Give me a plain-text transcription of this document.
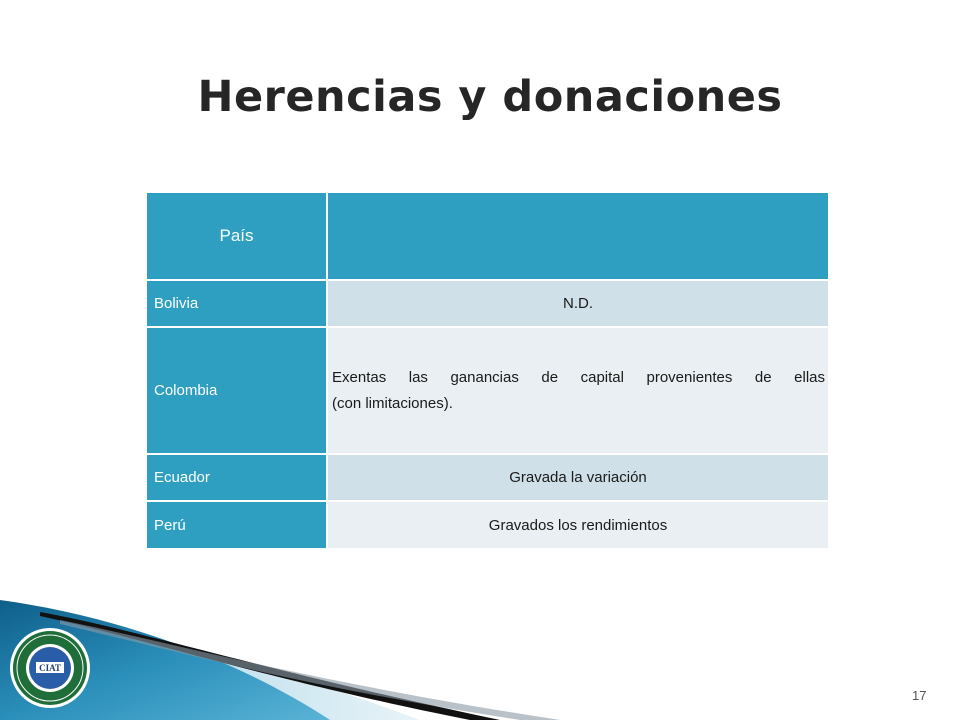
Herencias y donaciones
País	
Bolivia	N.D.
Colombia	Exentas las ganancias de capital provenientes de ellas
(con limitaciones).

Ecuador	Gravada la variación
Perú	Gravados los rendimientos
CIAT
17
